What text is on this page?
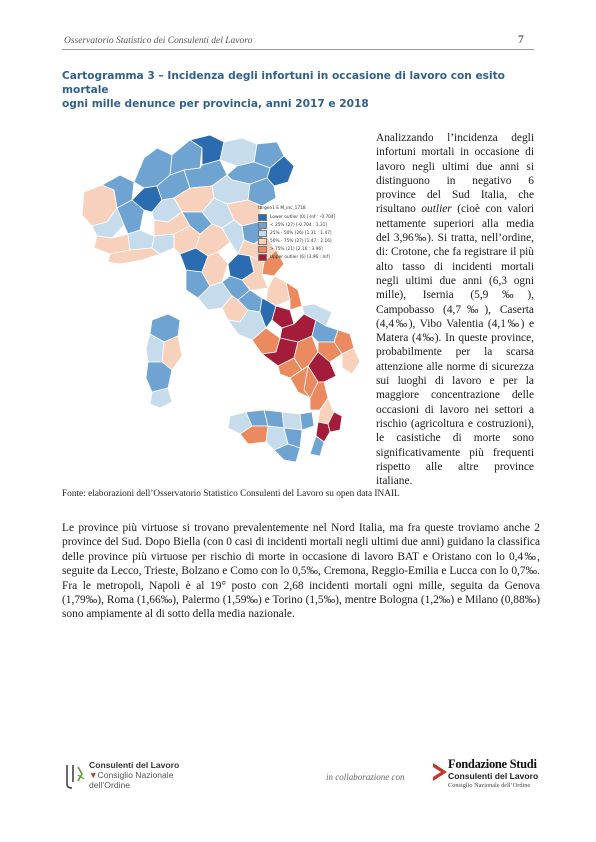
Osservatorio Statistico dei Consulenti del Lavoro	7
Cartogramma 3 – Incidenza degli infortuni in occasione di lavoro con esito mortale
ogni mille denunce per provincia, anni 2017 e 2018
tbrgen1 E M_inc_1718
Lower outlier (0) [-Inf : -0.704]
< 25% (27) [-0.704 : 1.31]
25% - 50% (26) [1.31 : 1.47]
50% - 75% (27) [1.47 : 2.16]
> 75% (21) [2.16 : 3.96]
Upper outlier (6) [3.96 : Inf]
Analizzando l’incidenza degli infortuni mortali in occasione di lavoro negli ultimi due anni si distinguono in negativo 6 province del Sud Italia, che risultano outlier (cioè con valori nettamente superiori alla media del 3,96‰). Si tratta, nell’ordine, di: Crotone, che fa registrare il più alto tasso di incidenti mortali negli ultimi due anni (6,3 ogni mille), Isernia (5,9‰), Campobasso (4,7‰), Caserta (4,4‰), Vibo Valentia (4,1‰) e Matera (4‰). In queste province, probabilmente per la scarsa attenzione alle norme di sicurezza sui luoghi di lavoro e per la maggiore concentrazione delle occasioni di lavoro nei settori a rischio (agricoltura e costruzioni), le casistiche di morte sono significativamente più frequenti rispetto alle altre province italiane.
Fonte: elaborazioni dell’Osservatorio Statistico Consulenti del Lavoro su open data INAIL
Le province più virtuose si trovano prevalentemente nel Nord Italia, ma fra queste troviamo anche 2 province del Sud. Dopo Biella (con 0 casi di incidenti mortali negli ultimi due anni) guidano la classifica delle province più virtuose per rischio di morte in occasione di lavoro BAT e Oristano con lo 0,4‰, seguite da Lecco, Trieste, Bolzano e Como con lo 0,5‰, Cremona, Reggio-Emilia e Lucca con lo 0,7‰. Fra le metropoli, Napoli è al 19° posto con 2,68 incidenti mortali ogni mille, seguita da Genova (1,79‰), Roma (1,66‰), Palermo (1,59‰) e Torino (1,5‰), mentre Bologna (1,2‰) e Milano (0,88‰) sono ampiamente al di sotto della media nazionale.
Consulenti del Lavoro
▼Consiglio Nazionale
dell’Ordine
in collaborazione con
Fondazione Studi
Consulenti del Lavoro
Consiglio Nazionale dell’Ordine
